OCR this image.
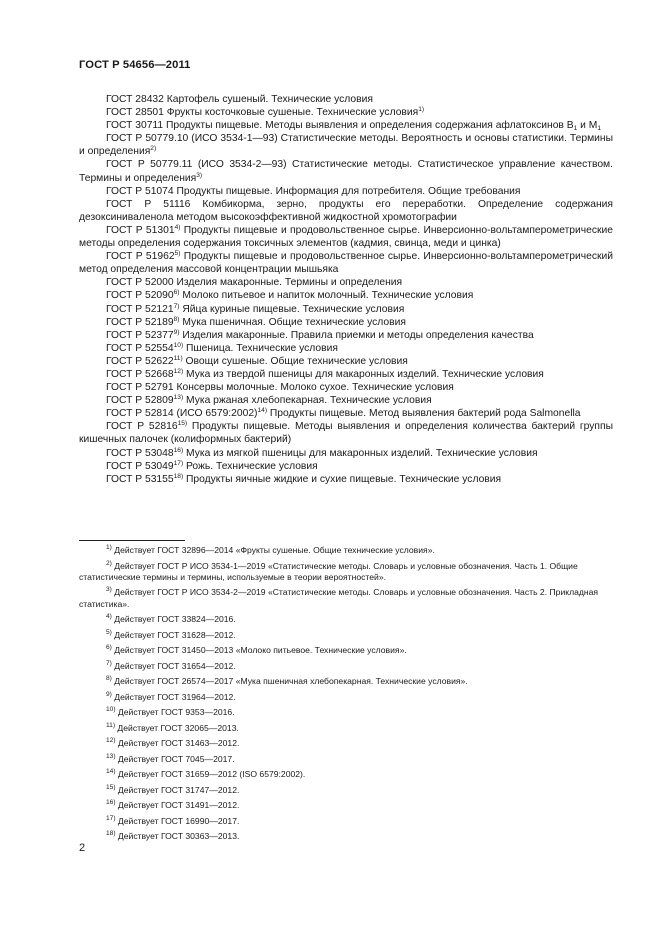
ГОСТ Р 54656—2011

ГОСТ 28432 Картофель сушеный. Технические условия

ГОСТ 28501 Фрукты косточковые сушеные. Технические условия$^{1)}$

ГОСТ 30711 Продукты пищевые. Методы выявления и определения содержания афлатоксинов $В_1$ и $М_1$

ГОСТ Р 50779.10 (ИСО 3534-1—93) Статистические методы. Вероятность и основы статистики. Термины и определения$^{2)}$

ГОСТ Р 50779.11 (ИСО 3534-2—93) Статистические методы. Статистическое управление качеством. Термины и определения$^{3)}$

ГОСТ Р 51074 Продукты пищевые. Информация для потребителя. Общие требования

ГОСТ Р 51116 Комбикорма, зерно, продукты его переработки. Определение содержания дезоксиниваленола методом высокоэффективной жидкостной хромотографии

ГОСТ Р 51301$^{4)}$ Продукты пищевые и продовольственное сырье. Инверсионно-вольтамперометрические методы определения содержания токсичных элементов (кадмия, свинца, меди и цинка)

ГОСТ Р 51962$^{5)}$ Продукты пищевые и продовольственное сырье. Инверсионно-вольтамперометрический метод определения массовой концентрации мышьяка

ГОСТ Р 52000 Изделия макаронные. Термины и определения

ГОСТ Р 52090$^{6)}$ Молоко питьевое и напиток молочный. Технические условия

ГОСТ Р 52121$^{7)}$ Яйца куриные пищевые. Технические условия

ГОСТ Р 52189$^{8)}$ Мука пшеничная. Общие технические условия

ГОСТ Р 52377$^{9)}$ Изделия макаронные. Правила приемки и методы определения качества

ГОСТ Р 52554$^{10)}$ Пшеница. Технические условия

ГОСТ Р 52622$^{11)}$ Овощи сушеные. Общие технические условия

ГОСТ Р 52668$^{12)}$ Мука из твердой пшеницы для макаронных изделий. Технические условия

ГОСТ Р 52791 Консервы молочные. Молоко сухое. Технические условия

ГОСТ Р 52809$^{13)}$ Мука ржаная хлебопекарная. Технические условия

ГОСТ Р 52814 (ИСО 6579:2002)$^{14)}$ Продукты пищевые. Метод выявления бактерий рода Salmonella

ГОСТ Р 52816$^{15)}$ Продукты пищевые. Методы выявления и определения количества бактерий группы кишечных палочек (колиформных бактерий)

ГОСТ Р 53048$^{16)}$ Мука из мягкой пшеницы для макаронных изделий. Технические условия

ГОСТ Р 53049$^{17)}$ Рожь. Технические условия

ГОСТ Р 53155$^{18)}$ Продукты яичные жидкие и сухие пищевые. Технические условия

$^{1)}$ Действует ГОСТ 32896—2014 «Фрукты сушеные. Общие технические условия».

$^{2)}$ Действует ГОСТ Р ИСО 3534-1—2019 «Статистические методы. Словарь и условные обозначения. Часть 1. Общие статистические термины и термины, используемые в теории вероятностей».

$^{3)}$ Действует ГОСТ Р ИСО 3534-2—2019 «Статистические методы. Словарь и условные обозначения. Часть 2. Прикладная статистика».

$^{4)}$ Действует ГОСТ 33824—2016.

$^{5)}$ Действует ГОСТ 31628—2012.

$^{6)}$ Действует ГОСТ 31450—2013 «Молоко питьевое. Технические условия».

$^{7)}$ Действует ГОСТ 31654—2012.

$^{8)}$ Действует ГОСТ 26574—2017 «Мука пшеничная хлебопекарная. Технические условия».

$^{9)}$ Действует ГОСТ 31964—2012.

$^{10)}$ Действует ГОСТ 9353—2016.

$^{11)}$ Действует ГОСТ 32065—2013.

$^{12)}$ Действует ГОСТ 31463—2012.

$^{13)}$ Действует ГОСТ 7045—2017.

$^{14)}$ Действует ГОСТ 31659—2012 (ISO 6579:2002).

$^{15)}$ Действует ГОСТ 31747—2012.

$^{16)}$ Действует ГОСТ 31491—2012.

$^{17)}$ Действует ГОСТ 16990—2017.

$^{18)}$ Действует ГОСТ 30363—2013.

2
